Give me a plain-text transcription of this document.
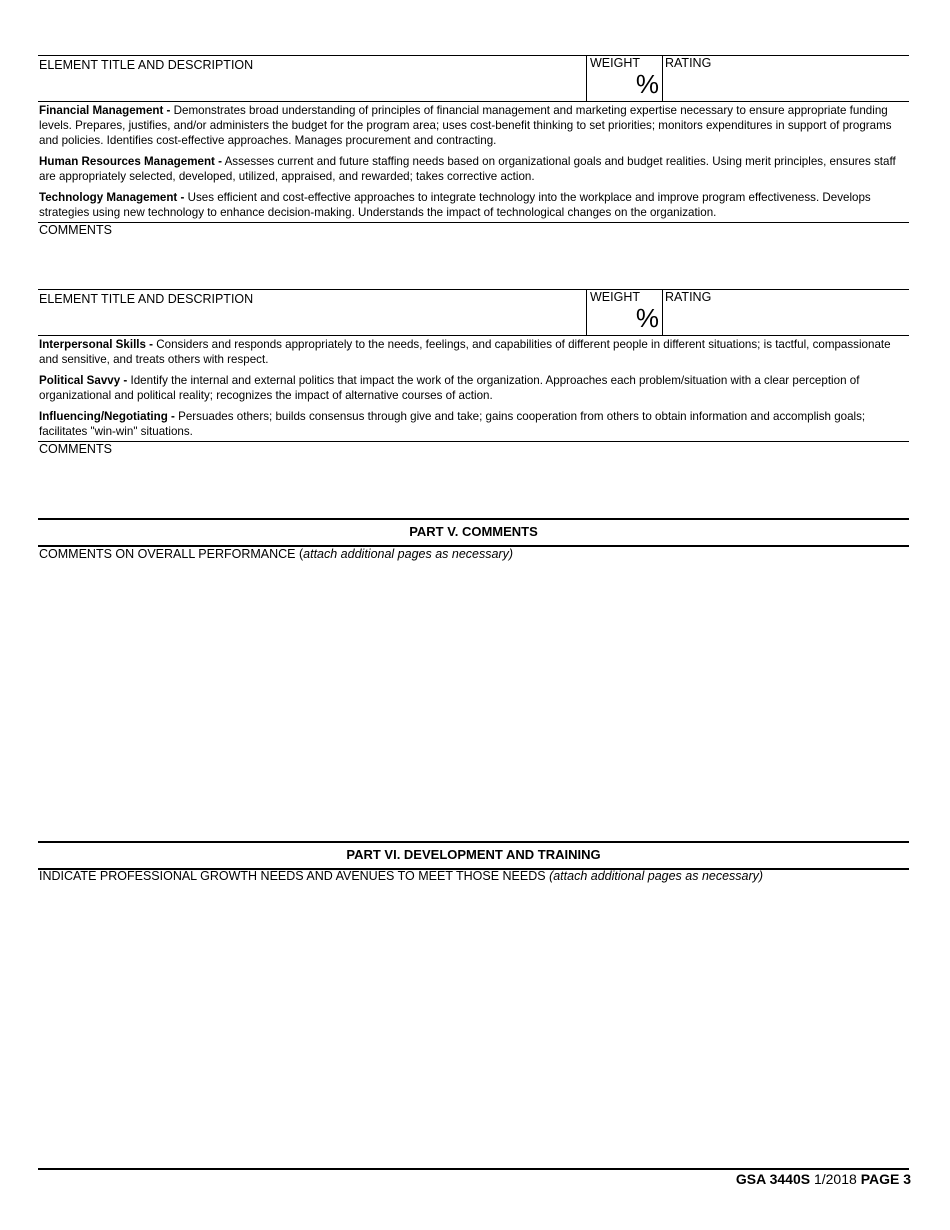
ELEMENT TITLE AND DESCRIPTION	WEIGHT
%
RATING

Financial Management - Demonstrates broad understanding of principles of financial management and marketing expertise necessary to ensure appropriate funding levels. Prepares, justifies, and/or administers the budget for the program area; uses cost-benefit thinking to set priorities; monitors expenditures in support of programs and policies. Identifies cost-effective approaches. Manages procurement and contracting.

Human Resources Management - Assesses current and future staffing needs based on organizational goals and budget realities. Using merit principles, ensures staff are appropriately selected, developed, utilized, appraised, and rewarded; takes corrective action.

Technology Management - Uses efficient and cost-effective approaches to integrate technology into the workplace and improve program effectiveness. Develops strategies using new technology to enhance decision-making. Understands the impact of technological changes on the organization.

COMMENTS
ELEMENT TITLE AND DESCRIPTION	WEIGHT
%
RATING

Interpersonal Skills - Considers and responds appropriately to the needs, feelings, and capabilities of different people in different situations; is tactful, compassionate and sensitive, and treats others with respect.

Political Savvy - Identify the internal and external politics that impact the work of the organization. Approaches each problem/situation with a clear perception of organizational and political reality; recognizes the impact of alternative courses of action.

Influencing/Negotiating - Persuades others; builds consensus through give and take; gains cooperation from others to obtain information and accomplish goals; facilitates "win-win" situations.

COMMENTS
PART V. COMMENTS
COMMENTS ON OVERALL PERFORMANCE (attach additional pages as necessary)
PART VI. DEVELOPMENT AND TRAINING
INDICATE PROFESSIONAL GROWTH NEEDS AND AVENUES TO MEET THOSE NEEDS (attach additional pages as necessary)
GSA 3440S 1/2018 PAGE 3
